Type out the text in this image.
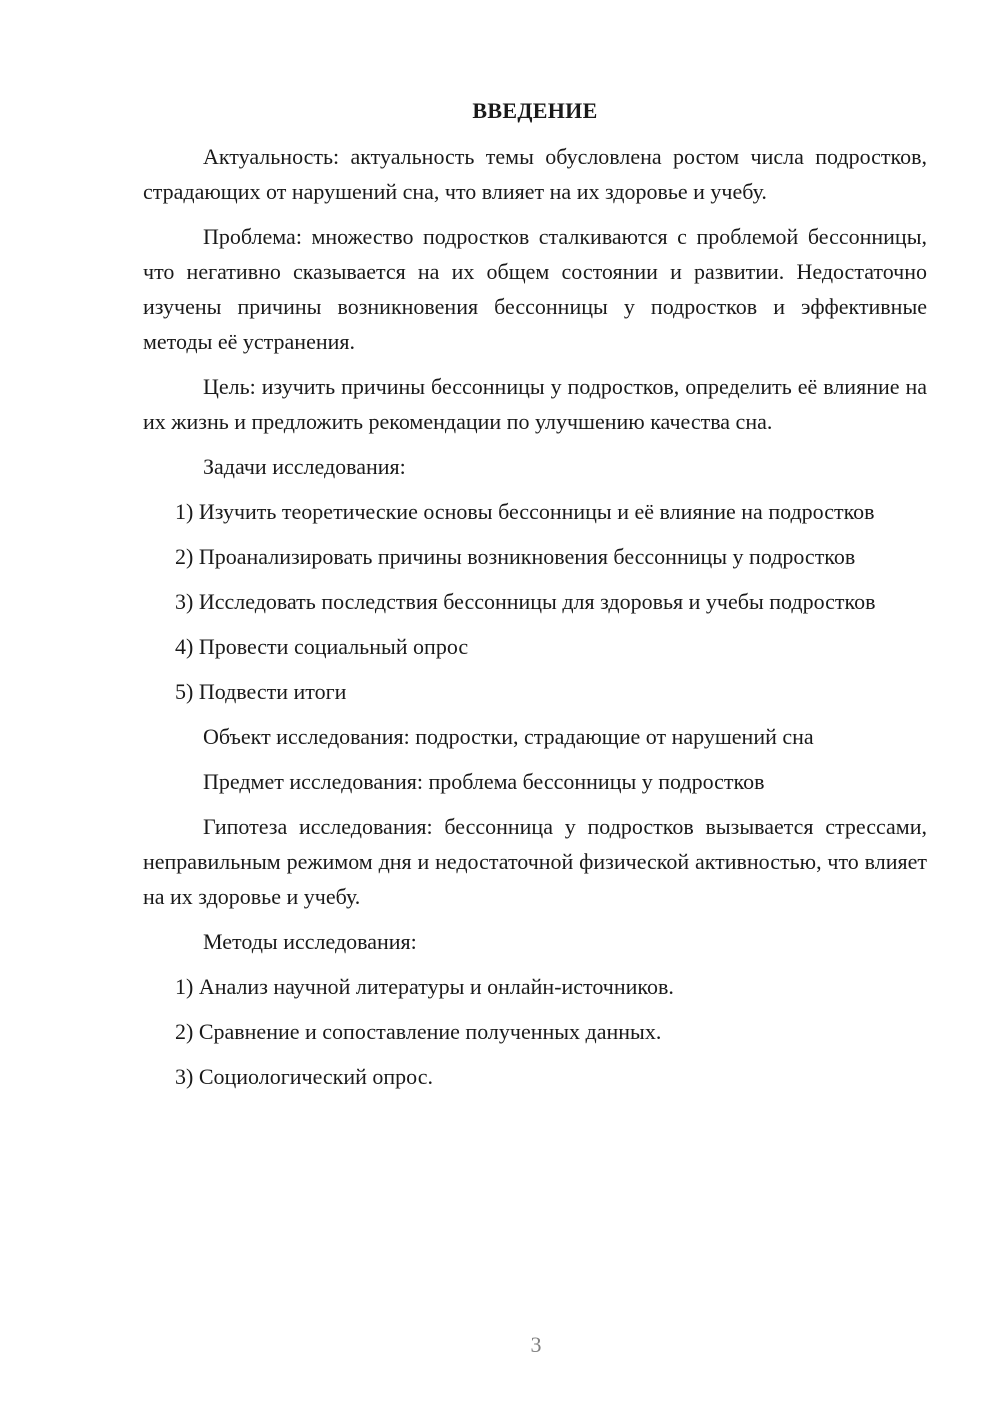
ВВЕДЕНИЕ

Актуальность: актуальность темы обусловлена ростом числа подростков, страдающих от нарушений сна, что влияет на их здоровье и учебу.

Проблема: множество подростков сталкиваются с проблемой бессонницы, что негативно сказывается на их общем состоянии и развитии. Недостаточно изучены причины возникновения бессонницы у подростков и эффективные методы её устранения.

Цель: изучить причины бессонницы у подростков, определить её влияние на их жизнь и предложить рекомендации по улучшению качества сна.

Задачи исследования:

1) Изучить теоретические основы бессонницы и её влияние на подростков

2) Проанализировать причины возникновения бессонницы у подростков

3) Исследовать последствия бессонницы для здоровья и учебы подростков

4) Провести социальный опрос

5) Подвести итоги

Объект исследования: подростки, страдающие от нарушений сна

Предмет исследования: проблема бессонницы у подростков

Гипотеза исследования: бессонница у подростков вызывается стрессами, неправильным режимом дня и недостаточной физической активностью, что влияет на их здоровье и учебу.

Методы исследования:

1) Анализ научной литературы и онлайн-источников.

2) Сравнение и сопоставление полученных данных.

3) Социологический опрос.

3
